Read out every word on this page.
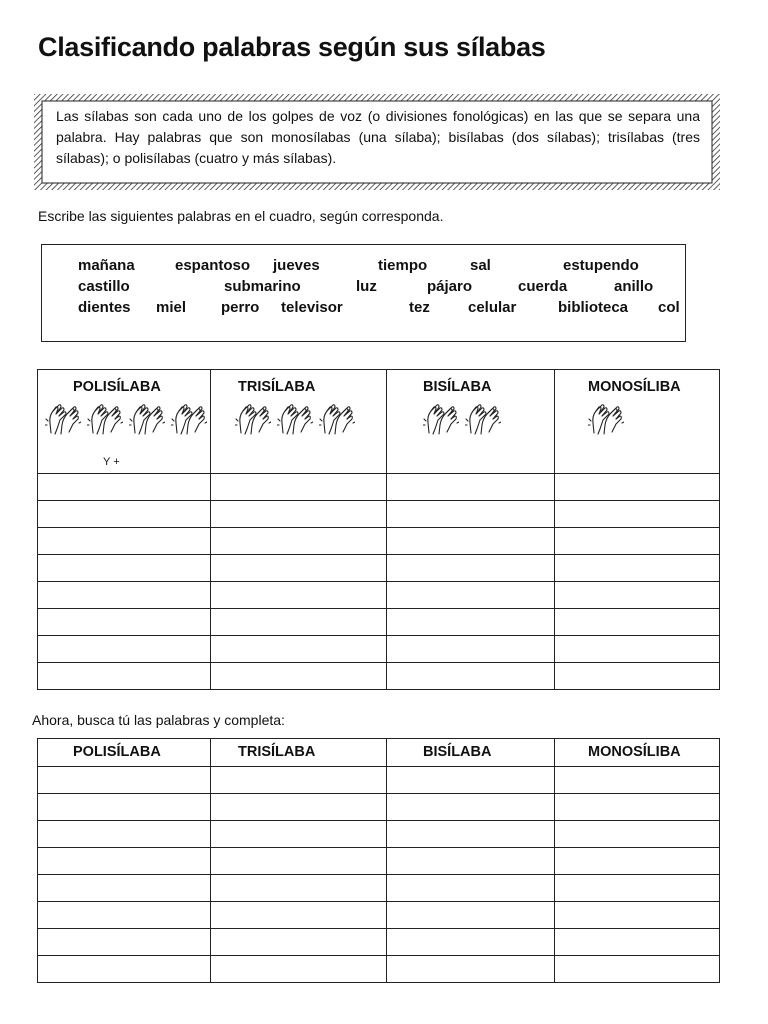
Clasificando palabras según sus sílabas
Las sílabas son cada uno de los golpes de voz (o divisiones fonológicas) en las que se separa una palabra. Hay palabras que son monosílabas (una sílaba); bisílabas (dos sílabas); trisílabas (tres sílabas); o polisílabas (cuatro y más sílabas).
Escribe las siguientes palabras en el cuadro, según corresponda.
mañana	espantoso jueves	tiempo	sal	estupendo
castillo	submarino	luz	pájaro	cuerda	anillo
dientes miel perro televisor	tez	celular	biblioteca col
POLISÍLABA	TRISÍLABA	BISÍLABA	MONOSÍLIBA

Y +
Ahora, busca tú las palabras y completa:
POLISÍLABA	TRISÍLABA	BISÍLABA	MONOSÍLIBA
